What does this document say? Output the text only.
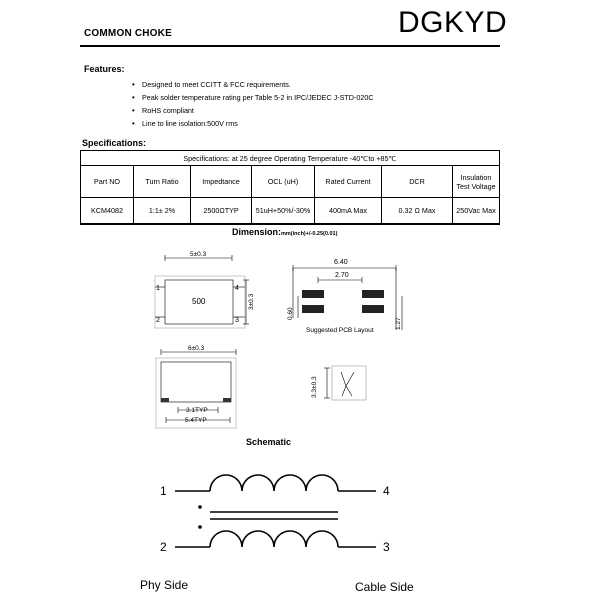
COMMON CHOKE	DGKYD
Features:
• Designed to meet CCITT & FCC requirements.
• Peak solder temperature rating per Table 5-2 in IPC/JEDEC J-STD-020C
• RoHS compliant
• Line to line isolation:500V rms
Specifications:
Specifications: at 25 degree Operating Temperature -40℃to +85℃						
Part NO	Turn Ratio	Impedtance	OCL (uH)	Rated Current	DCR	Insulation Test Voltage
KCM4082	1:1± 2%	2500ΩTYP	51uH+50%/-30%	400mA Max	0.32 Ω Max	250Vac Max
Dimension:mm(inch)+/-0.25(0.01)
5±0.3
500
1
2	3
4
3±0.3
6.40
2.70
0.60
1.27
Suggested PCB Layout
6±0.3
3.1TYP
5.4TYP
3.3±0.3
1	4
2	3
Schematic
Phy Side	Cable Side
